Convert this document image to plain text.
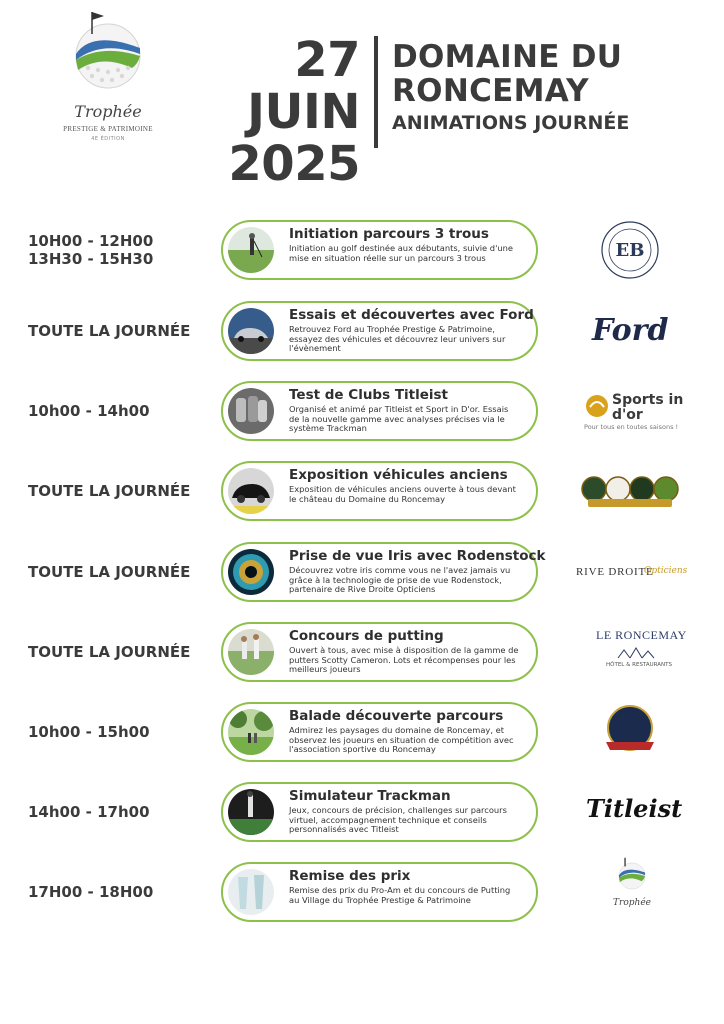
Trophée
PRESTIGE & PATRIMOINE
4E ÉDITION
27 JUIN
2025
DOMAINE DU
RONCEMAY
ANIMATIONS JOURNÉE
10H00 - 12H00
13H30 - 15H30
Initiation parcours 3 trous
Initiation au golf destinée aux débutants, suivie d'une mise en situation réelle sur un parcours 3 trous	EB
TOUTE LA JOURNÉE
Essais et découvertes avec Ford
Retrouvez Ford au Trophée Prestige & Patrimoine, essayez des véhicules et découvrez leur univers sur l'évènement
Ford
10h00 - 14h00
Test de Clubs Titleist
Organisé et animé par Titleist et Sport in D'or. Essais de la nouvelle gamme avec analyses précises via le système Trackman
Sports in d'or
Pour tous en toutes saisons !
TOUTE LA JOURNÉE
Exposition véhicules anciens
Exposition de véhicules anciens ouverte à tous devant le château du Domaine du Roncemay
TOUTE LA JOURNÉE
Prise de vue Iris avec Rodenstock
Découvrez votre iris comme vous ne l'avez jamais vu grâce à la technologie de prise de vue Rodenstock, partenaire de Rive Droite Opticiens
RIVE DROITE
Opticiens
TOUTE LA JOURNÉE
Concours de putting
Ouvert à tous, avec mise à disposition de la gamme de putters Scotty Cameron. Lots et récompenses pour les meilleurs joueurs
LE RONCEMAY
HÔTEL & RESTAURANTS
10h00 - 15h00
Balade découverte parcours
Admirez les paysages du domaine de Roncemay, et observez les joueurs en situation de compétition avec l'association sportive du Roncemay
14h00 - 17h00
Simulateur Trackman
Jeux, concours de précision, challenges sur parcours virtuel, accompagnement technique et conseils personnalisés avec Titleist
Titleist
17H00 - 18H00
Remise des prix
Remise des prix du Pro-Am et du concours de Putting au Village du Trophée Prestige & Patrimoine	Trophée
